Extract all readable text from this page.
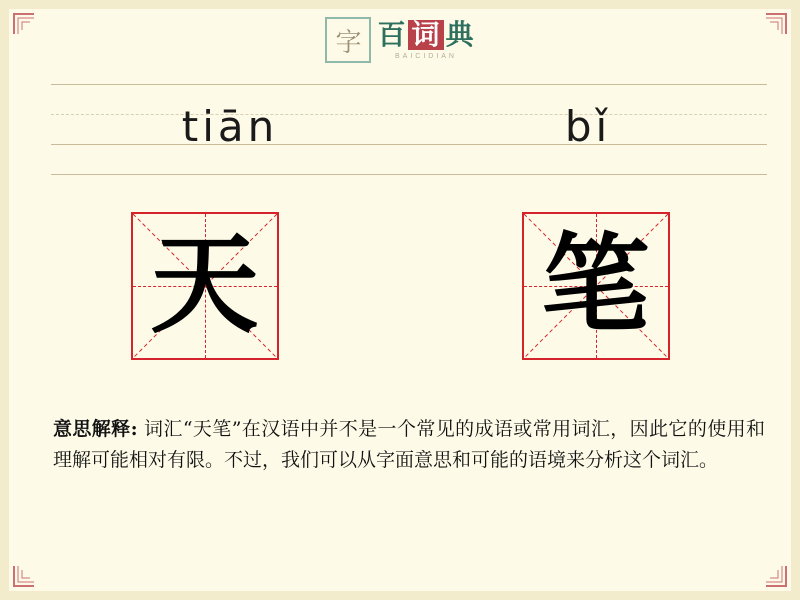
字 百 词 典
BAICIDIAN
tiān	bǐ
天	笔
意思解释: 词汇“天笔”在汉语中并不是一个常见的成语或常用词汇，因此它的使用和理解可能相对有限。不过，我们可以从字面意思和可能的语境来分析这个词汇。
